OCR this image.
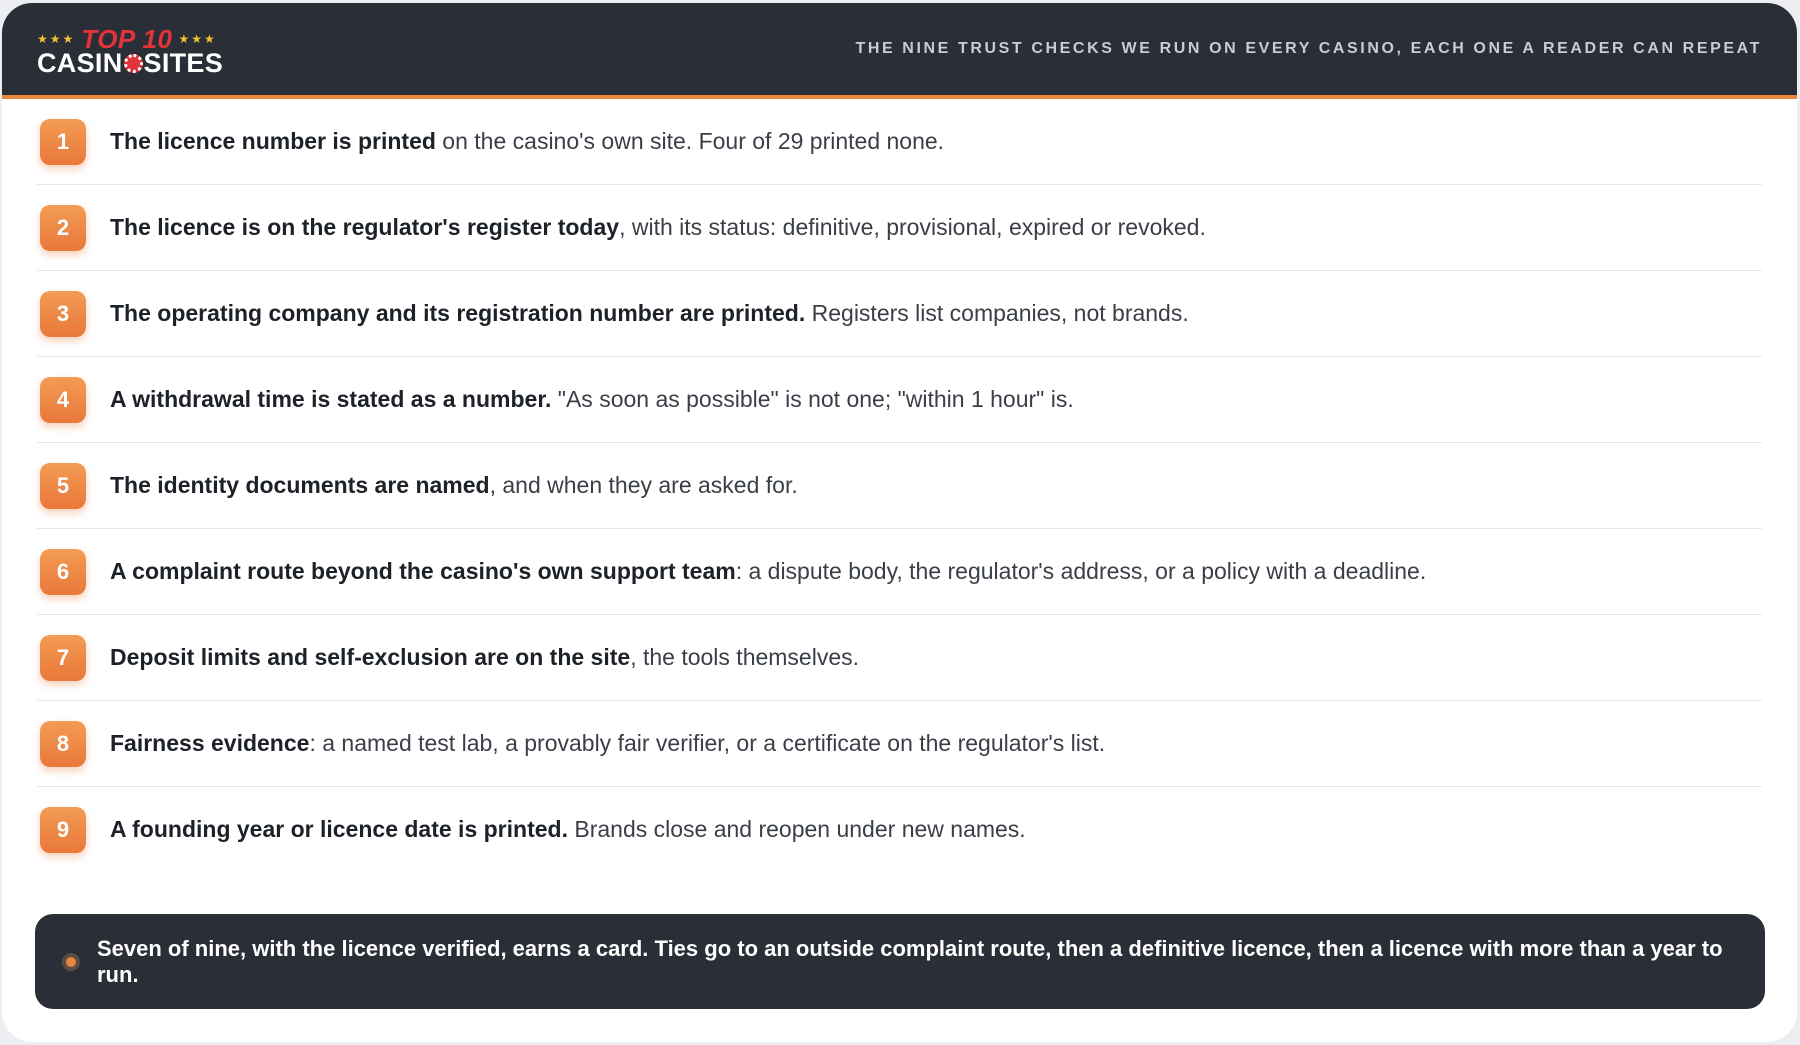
★★★ TOP 10 ★★★
CASIN SITES	THE NINE TRUST CHECKS WE RUN ON EVERY CASINO, EACH ONE A READER CAN REPEAT
1	The licence number is printed on the casino's own site. Four of 29 printed none.
2	The licence is on the regulator's register today, with its status: definitive, provisional, expired or revoked.
3	The operating company and its registration number are printed. Registers list companies, not brands.
4	A withdrawal time is stated as a number. "As soon as possible" is not one; "within 1 hour" is.
5	The identity documents are named, and when they are asked for.
6	A complaint route beyond the casino's own support team: a dispute body, the regulator's address, or a policy with a deadline.
7	Deposit limits and self-exclusion are on the site, the tools themselves.
8	Fairness evidence: a named test lab, a provably fair verifier, or a certificate on the regulator's list.
9	A founding year or licence date is printed. Brands close and reopen under new names.
Seven of nine, with the licence verified, earns a card. Ties go to an outside complaint route, then a definitive licence, then a licence with more than a year to run.
